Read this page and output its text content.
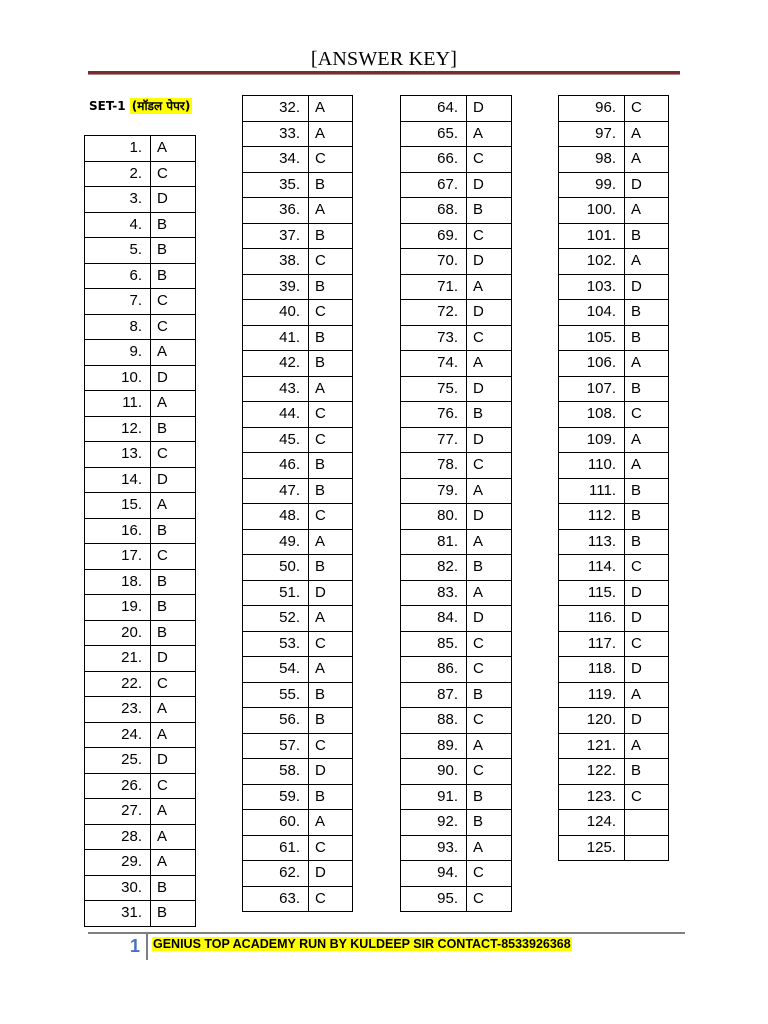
[ANSWER KEY]
SET-1 (मॉडल पेपर)
1.	A
2.	C
3.	D
4.	B
5.	B
6.	B
7.	C
8.	C
9.	A
10.	D
11.	A
12.	B
13.	C
14.	D
15.	A
16.	B
17.	C
18.	B
19.	B
20.	B
21.	D
22.	C
23.	A
24.	A
25.	D
26.	C
27.	A
28.	A
29.	A
30.	B
31.	B
32.	A
33.	A
34.	C
35.	B
36.	A
37.	B
38.	C
39.	B
40.	C
41.	B
42.	B
43.	A
44.	C
45.	C
46.	B
47.	B
48.	C
49.	A
50.	B
51.	D
52.	A
53.	C
54.	A
55.	B
56.	B
57.	C
58.	D
59.	B
60.	A
61.	C
62.	D
63.	C
64.	D
65.	A
66.	C
67.	D
68.	B
69.	C
70.	D
71.	A
72.	D
73.	C
74.	A
75.	D
76.	B
77.	D
78.	C
79.	A
80.	D
81.	A
82.	B
83.	A
84.	D
85.	C
86.	C
87.	B
88.	C
89.	A
90.	C
91.	B
92.	B
93.	A
94.	C
95.	C
96.	C
97.	A
98.	A
99.	D
100.	A
101.	B
102.	A
103.	D
104.	B
105.	B
106.	A
107.	B
108.	C
109.	A
110.	A
111.	B
112.	B
113.	B
114.	C
115.	D
116.	D
117.	C
118.	D
119.	A
120.	D
121.	A
122.	B
123.	C
124.	
125.	
1	GENIUS TOP ACADEMY RUN BY KULDEEP SIR CONTACT-8533926368
